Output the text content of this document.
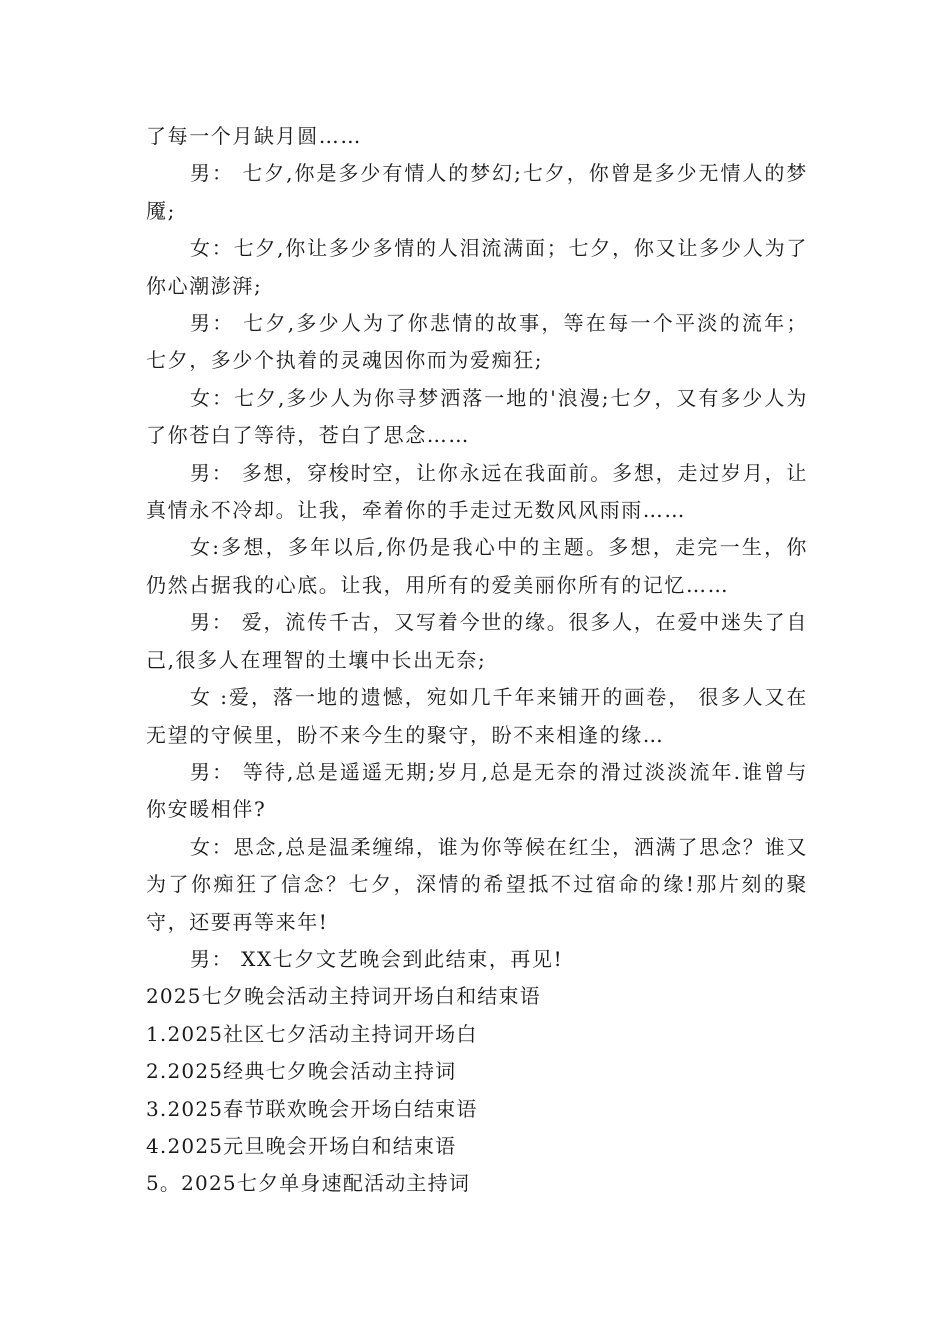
了每一个月缺月圆……

男： 七夕,你是多少有情人的梦幻;七夕，你曾是多少无情人的梦魇;

女：七夕,你让多少多情的人泪流满面；七夕，你又让多少人为了你心潮澎湃;

男： 七夕,多少人为了你悲情的故事，等在每一个平淡的流年；七夕，多少个执着的灵魂因你而为爱痴狂;

女：七夕,多少人为你寻梦洒落一地的'浪漫;七夕，又有多少人为了你苍白了等待，苍白了思念……

男： 多想，穿梭时空，让你永远在我面前。多想，走过岁月，让真情永不冷却。让我，牵着你的手走过无数风风雨雨……

女:多想，多年以后,你仍是我心中的主题。多想，走完一生，你仍然占据我的心底。让我，用所有的爱美丽你所有的记忆……

男： 爱，流传千古，又写着今世的缘。很多人，在爱中迷失了自己,很多人在理智的土壤中长出无奈;

女 :爱，落一地的遗憾，宛如几千年来铺开的画卷， 很多人又在无望的守候里，盼不来今生的聚守，盼不来相逢的缘…

男： 等待,总是遥遥无期;岁月,总是无奈的滑过淡淡流年.谁曾与你安暖相伴?

女：思念,总是温柔缠绵，谁为你等候在红尘，洒满了思念？谁又为了你痴狂了信念？七夕，深情的希望抵不过宿命的缘!那片刻的聚守，还要再等来年!

男： XX七夕文艺晚会到此结束，再见!

2025七夕晚会活动主持词开场白和结束语

1.2025社区七夕活动主持词开场白

2.2025经典七夕晚会活动主持词

3.2025春节联欢晚会开场白结束语

4.2025元旦晚会开场白和结束语

5。2025七夕单身速配活动主持词
